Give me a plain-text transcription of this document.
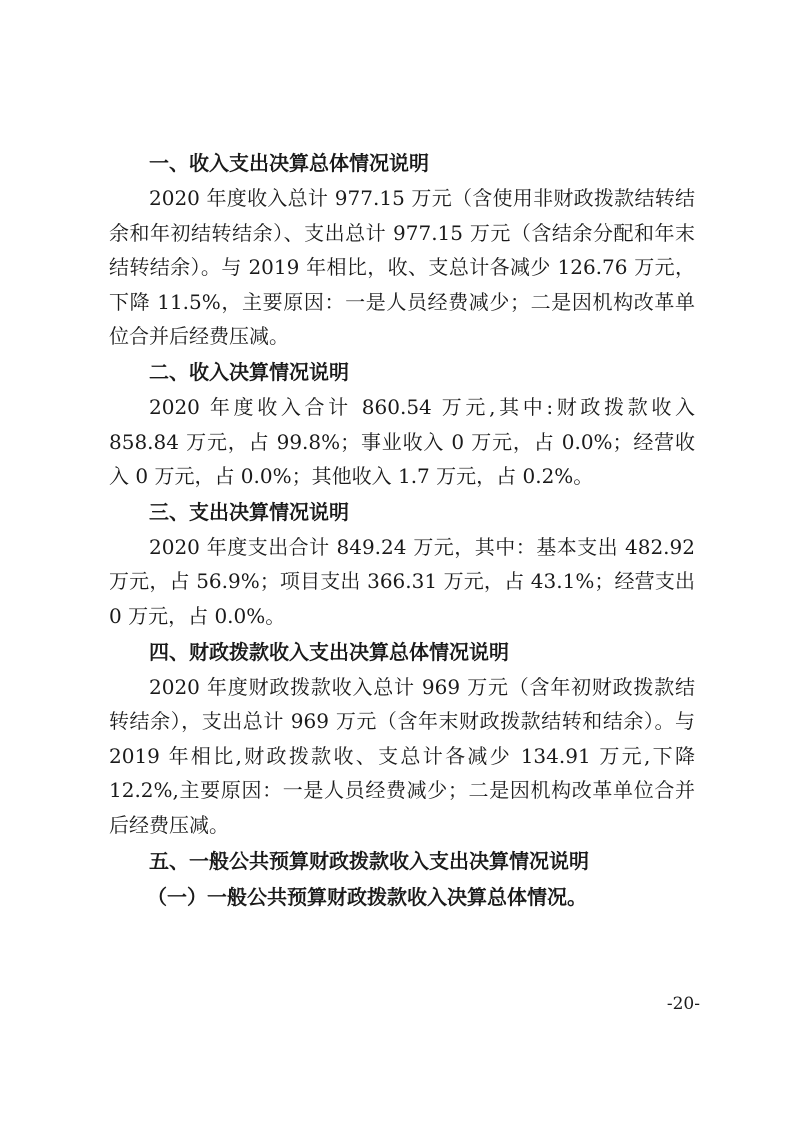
一、收入支出决算总体情况说明

2020 年度收入总计 977.15 万元（含使用非财政拨款结转结余和年初结转结余）、支出总计 977.15 万元（含结余分配和年末结转结余）。与 2019 年相比，收、支总计各减少 126.76 万元，下降 11.5%，主要原因：一是人员经费减少；二是因机构改革单位合并后经费压减。

二、收入决算情况说明

2020 年度收入合计 860.54 万元,其中:财政拨款收入 858.84 万元，占 99.8%；事业收入 0 万元，占 0.0%；经营收入 0 万元，占 0.0%；其他收入 1.7 万元，占 0.2%。

三、支出决算情况说明

2020 年度支出合计 849.24 万元，其中：基本支出 482.92 万元，占 56.9%；项目支出 366.31 万元，占 43.1%；经营支出 0 万元，占 0.0%。

四、财政拨款收入支出决算总体情况说明

2020 年度财政拨款收入总计 969 万元（含年初财政拨款结转结余），支出总计 969 万元（含年末财政拨款结转和结余）。与 2019 年相比,财政拨款收、支总计各减少 134.91 万元,下降 12.2%,主要原因：一是人员经费减少；二是因机构改革单位合并后经费压减。

五、一般公共预算财政拨款收入支出决算情况说明
（一）一般公共预算财政拨款收入决算总体情况。
-20-
